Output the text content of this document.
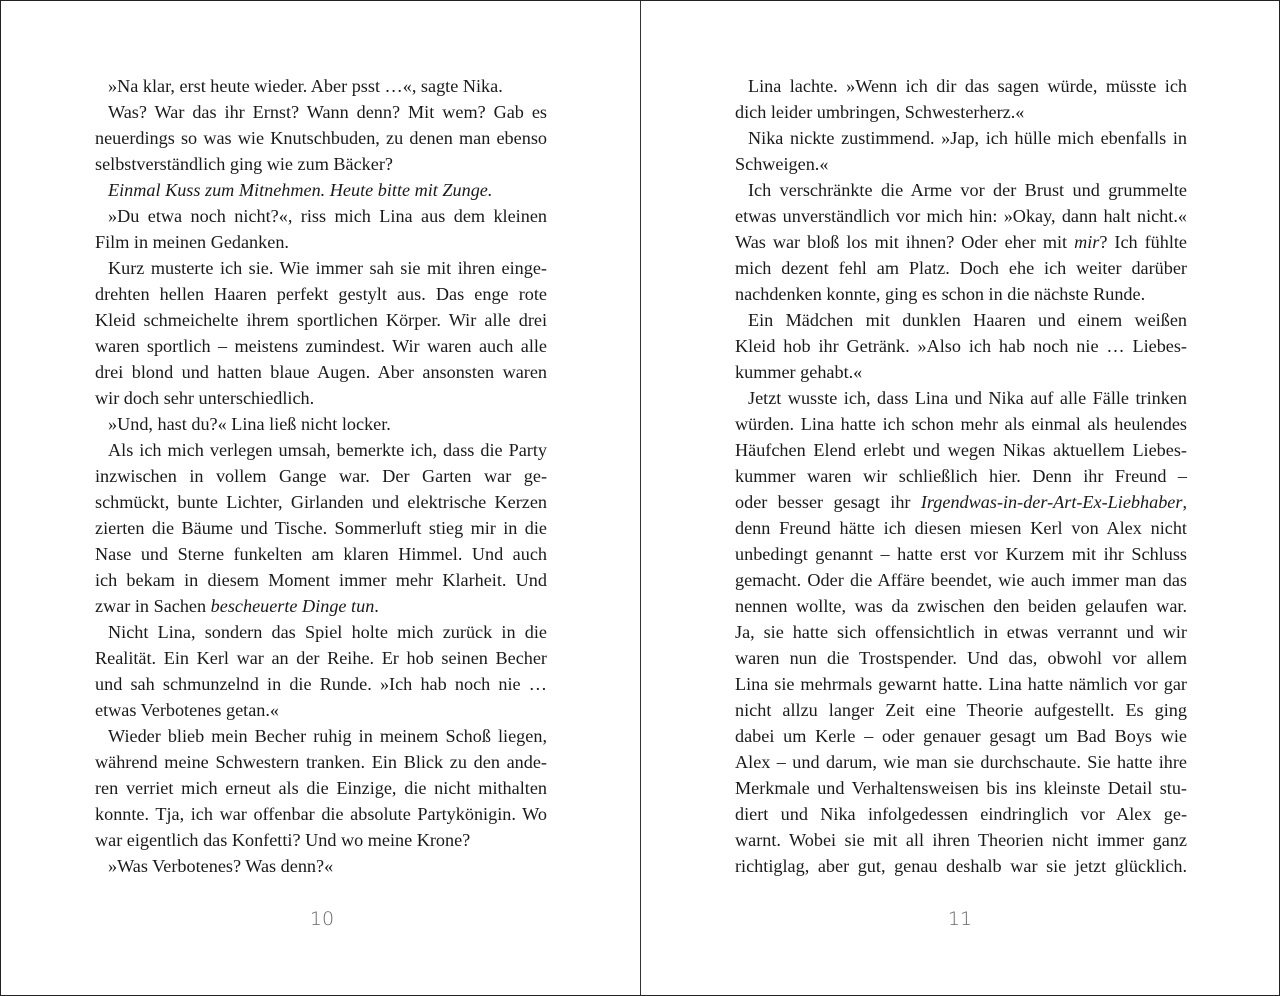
»Na klar, erst heute wieder. Aber psst …«, sagte Nika.
Was? War das ihr Ernst? Wann denn? Mit wem? Gab es
neuerdings so was wie Knutschbuden, zu denen man ebenso
selbstverständlich ging wie zum Bäcker?
Einmal Kuss zum Mitnehmen. Heute bitte mit Zunge.
»Du etwa noch nicht?«, riss mich Lina aus dem kleinen
Film in meinen Gedanken.
Kurz musterte ich sie. Wie immer sah sie mit ihren einge-
drehten hellen Haaren perfekt gestylt aus. Das enge rote
Kleid schmeichelte ihrem sportlichen Körper. Wir alle drei
waren sportlich – meistens zumindest. Wir waren auch alle
drei blond und hatten blaue Augen. Aber ansonsten waren
wir doch sehr unterschiedlich.
»Und, hast du?« Lina ließ nicht locker.
Als ich mich verlegen umsah, bemerkte ich, dass die Party
inzwischen in vollem Gange war. Der Garten war ge-
schmückt, bunte Lichter, Girlanden und elektrische Kerzen
zierten die Bäume und Tische. Sommerluft stieg mir in die
Nase und Sterne funkelten am klaren Himmel. Und auch
ich bekam in diesem Moment immer mehr Klarheit. Und
zwar in Sachen bescheuerte Dinge tun.
Nicht Lina, sondern das Spiel holte mich zurück in die
Realität. Ein Kerl war an der Reihe. Er hob seinen Becher
und sah schmunzelnd in die Runde. »Ich hab noch nie …
etwas Verbotenes getan.«
Wieder blieb mein Becher ruhig in meinem Schoß liegen,
während meine Schwestern tranken. Ein Blick zu den ande-
ren verriet mich erneut als die Einzige, die nicht mithalten
konnte. Tja, ich war offenbar die absolute Partykönigin. Wo
war eigentlich das Konfetti? Und wo meine Krone?
»Was Verbotenes? Was denn?«
10
Lina lachte. »Wenn ich dir das sagen würde, müsste ich
dich leider umbringen, Schwesterherz.«
Nika nickte zustimmend. »Jap, ich hülle mich ebenfalls in
Schweigen.«
Ich verschränkte die Arme vor der Brust und grummelte
etwas unverständlich vor mich hin: »Okay, dann halt nicht.«
Was war bloß los mit ihnen? Oder eher mit mir? Ich fühlte
mich dezent fehl am Platz. Doch ehe ich weiter darüber
nachdenken konnte, ging es schon in die nächste Runde.
Ein Mädchen mit dunklen Haaren und einem weißen
Kleid hob ihr Getränk. »Also ich hab noch nie … Liebes-
kummer gehabt.«
Jetzt wusste ich, dass Lina und Nika auf alle Fälle trinken
würden. Lina hatte ich schon mehr als einmal als heulendes
Häufchen Elend erlebt und wegen Nikas aktuellem Liebes-
kummer waren wir schließlich hier. Denn ihr Freund –
oder besser gesagt ihr Irgendwas-in-der-Art-Ex-Liebhaber,
denn Freund hätte ich diesen miesen Kerl von Alex nicht
unbedingt genannt – hatte erst vor Kurzem mit ihr Schluss
gemacht. Oder die Affäre beendet, wie auch immer man das
nennen wollte, was da zwischen den beiden gelaufen war.
Ja, sie hatte sich offensichtlich in etwas verrannt und wir
waren nun die Trostspender. Und das, obwohl vor allem
Lina sie mehrmals gewarnt hatte. Lina hatte nämlich vor gar
nicht allzu langer Zeit eine Theorie aufgestellt. Es ging
dabei um Kerle – oder genauer gesagt um Bad Boys wie
Alex – und darum, wie man sie durchschaute. Sie hatte ihre
Merkmale und Verhaltensweisen bis ins kleinste Detail stu-
diert und Nika infolgedessen eindringlich vor Alex ge-
warnt. Wobei sie mit all ihren Theorien nicht immer ganz
richtiglag, aber gut, genau deshalb war sie jetzt glücklich.
11
